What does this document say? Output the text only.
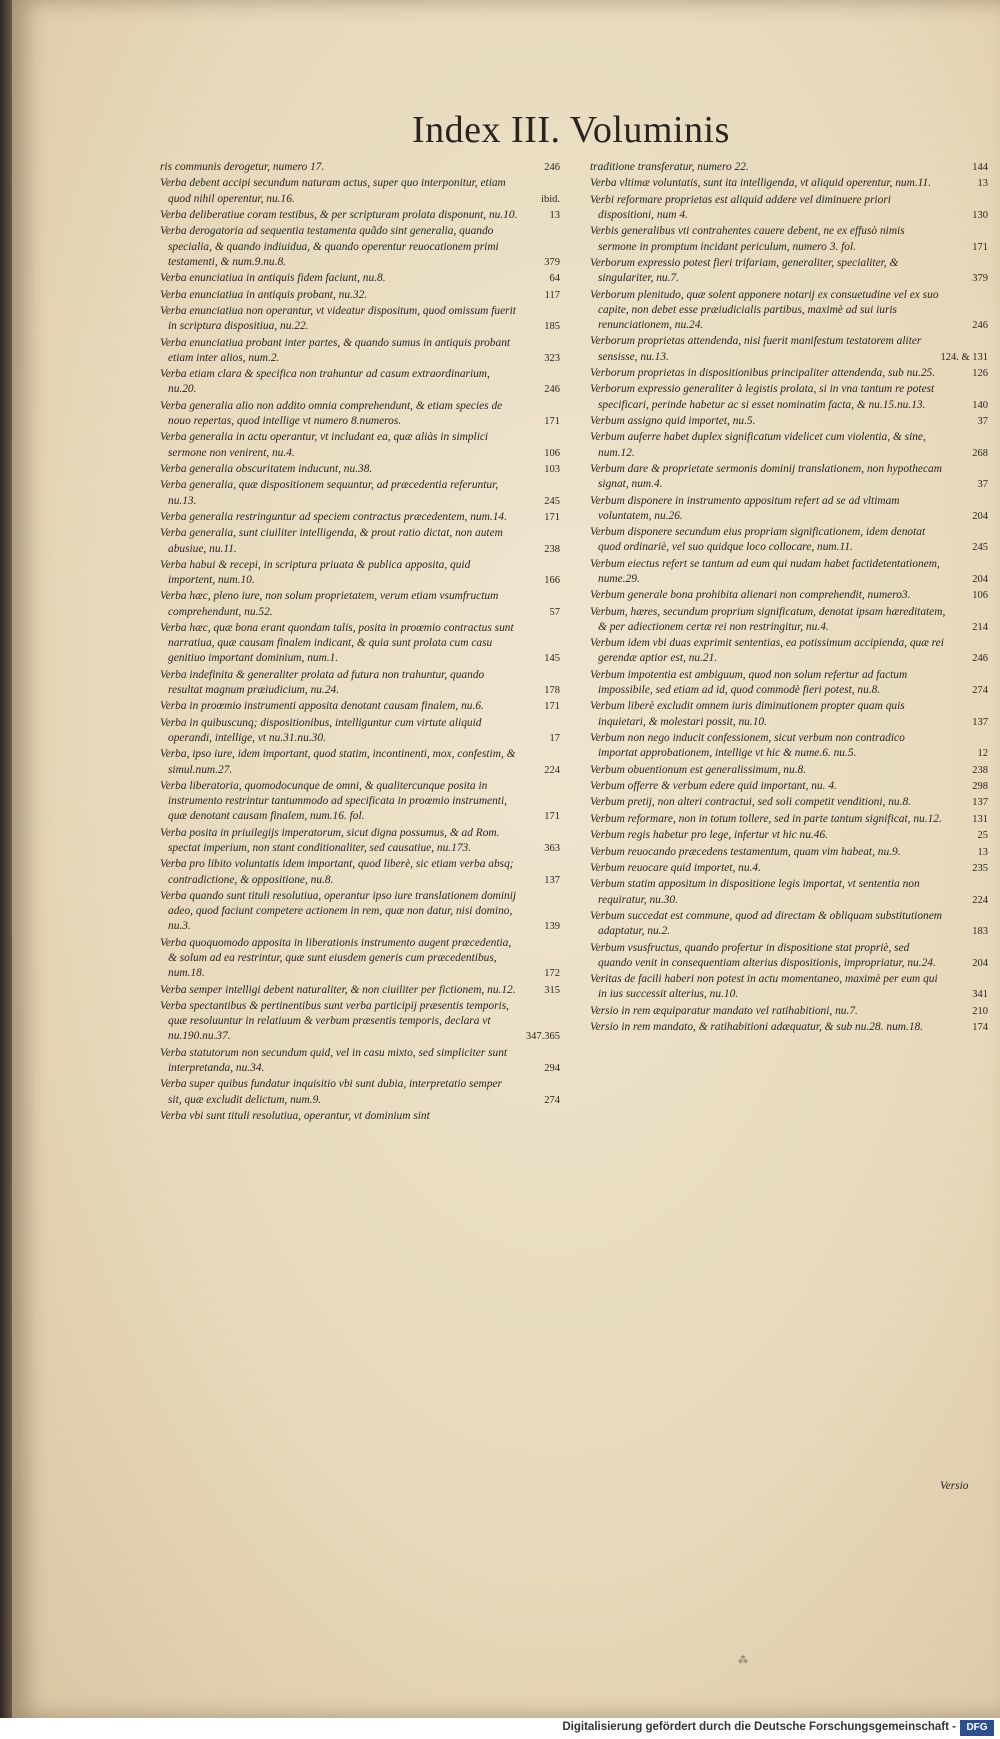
Index III. Voluminis
ris communis derogetur, numero 17.	246
Verba debent accipi secundum naturam actus, super quo interponitur, etiam quod nihil operentur, nu.16.	ibid.
Verba deliberatiue coram testibus, & per scripturam prolata disponunt, nu.10.	13
Verba derogatoria ad sequentia testamenta quãdo sint generalia, quando specialia, & quando indiuidua, & quando operentur reuocationem primi testamenti, & num.9.nu.8.	379
Verba enunciatiua in antiquis fidem faciunt, nu.8.	64
Verba enunciatiua in antiquis probant, nu.32.	117
Verba enunciatiua non operantur, vt videatur dispositum, quod omissum fuerit in scriptura dispositiua, nu.22.	185
Verba enunciatiua probant inter partes, & quando sumus in antiquis probant etiam inter alios, num.2.	323
Verba etiam clara & specifica non trahuntur ad casum extraordinarium, nu.20.	246
Verba generalia alio non addito omnia comprehendunt, & etiam species de nouo repertas, quod intellige vt numero 8.numeros.	171
Verba generalia in actu operantur, vt includant ea, quæ aliàs in simplici sermone non venirent, nu.4.	106
Verba generalia obscuritatem inducunt, nu.38.	103
Verba generalia, quæ dispositionem sequuntur, ad præcedentia referuntur, nu.13.	245
Verba generalia restringuntur ad speciem contractus præcedentem, num.14.	171
Verba generalia, sunt ciuiliter intelligenda, & prout ratio dictat, non autem abusiue, nu.11.	238
Verba habui & recepi, in scriptura priuata & publica apposita, quid importent, num.10.	166
Verba hæc, pleno iure, non solum proprietatem, verum etiam vsumfructum comprehendunt, nu.52.	57
Verba hæc, quæ bona erant quondam talis, posita in proœmio contractus sunt narratiua, quæ causam finalem indicant, & quia sunt prolata cum casu genitiuo important dominium, num.1.	145
Verba indefinita & generaliter prolata ad futura non trahuntur, quando resultat magnum præiudicium, nu.24.	178
Verba in proœmio instrumenti apposita denotant causam finalem, nu.6.	171
Verba in quibuscunq; dispositionibus, intelliguntur cum virtute aliquid operandi, intellige, vt nu.31.nu.30.	17
Verba, ipso iure, idem important, quod statim, incontinenti, mox, confestim, & simul.num.27.	224
Verba liberatoria, quomodocunque de omni, & qualitercunque posita in instrumento restrintur tantummodo ad specificata in proœmio instrumenti, quæ denotant causam finalem, num.16. fol.	171
Verba posita in priuilegijs imperatorum, sicut digna possumus, & ad Rom. spectat imperium, non stant conditionaliter, sed causatiue, nu.173.	363
Verba pro libito voluntatis idem important, quod liberè, sic etiam verba absq; contradictione, & oppositione, nu.8.	137
Verba quando sunt tituli resolutiua, operantur ipso iure translationem dominij adeo, quod faciunt competere actionem in rem, quæ non datur, nisi domino, nu.3.	139
Verba quoquomodo apposita in liberationis instrumento augent præcedentia, & solum ad ea restrintur, quæ sunt eiusdem generis cum præcedentibus, num.18.	172
Verba semper intelligi debent naturaliter, & non ciuiliter per fictionem, nu.12.	315
Verba spectantibus & pertinentibus sunt verba participij præsentis temporis, quæ resoluuntur in relatiuum & verbum præsentis temporis, declara vt nu.190.nu.37.	347.365
Verba statutorum non secundum quid, vel in casu mixto, sed simpliciter sunt interpretanda, nu.34.	294
Verba super quibus fundatur inquisitio vbi sunt dubia, interpretatio semper sit, quæ excludit delictum, num.9.	274
Verba vbi sunt tituli resolutiua, operantur, vt dominium sint
traditione transferatur, numero 22.	144
Verba vltimæ voluntatis, sunt ita intelligenda, vt aliquid operentur, num.11.	13
Verbi reformare proprietas est aliquid addere vel diminuere priori dispositioni, num 4.	130
Verbis generalibus vti contrahentes cauere debent, ne ex effusò nimis sermone in promptum incidant periculum, numero 3. fol.	171
Verborum expressio potest fieri trifariam, generaliter, specialiter, & singulariter, nu.7.	379
Verborum plenitudo, quæ solent apponere notarij ex consuetudine vel ex suo capite, non debet esse præiudicialis partibus, maximè ad sui iuris renunciationem, nu.24.	246
Verborum proprietas attendenda, nisi fuerit manifestum testatorem aliter sensisse, nu.13.	124. & 131
Verborum proprietas in dispositionibus principaliter attendenda, sub nu.25.	126
Verborum expressio generaliter à legistis prolata, si in vna tantum re potest specificari, perinde habetur ac si esset nominatim facta, & nu.15.nu.13.	140
Verbum assigno quid importet, nu.5.	37
Verbum auferre habet duplex significatum videlicet cum violentia, & sine, num.12.	268
Verbum dare & proprietate sermonis dominij translationem, non hypothecam signat, num.4.	37
Verbum disponere in instrumento appositum refert ad se ad vltimam voluntatem, nu.26.	204
Verbum disponere secundum eius propriam significationem, idem denotat quod ordinariè, vel suo quidque loco collocare, num.11.	245
Verbum eiectus refert se tantum ad eum qui nudam habet factidetentationem, nume.29.	204
Verbum generale bona prohibita alienari non comprehendit, numero3.	106
Verbum, hæres, secundum proprium significatum, denotat ipsam hæreditatem, & per adiectionem certæ rei non restringitur, nu.4.	214
Verbum idem vbi duas exprimit sententias, ea potissimum accipienda, quæ rei gerendæ aptior est, nu.21.	246
Verbum impotentia est ambiguum, quod non solum refertur ad factum impossibile, sed etiam ad id, quod commodè fieri potest, nu.8.	274
Verbum liberè excludit omnem iuris diminutionem propter quam quis inquietari, & molestari possit, nu.10.	137
Verbum non nego inducit confessionem, sicut verbum non contradico importat approbationem, intellige vt hic & nume.6. nu.5.	12
Verbum obuentionum est generalissimum, nu.8.	238
Verbum offerre & verbum edere quid important, nu. 4.	298
Verbum pretij, non alteri contractui, sed soli competit venditioni, nu.8.	137
Verbum reformare, non in totum tollere, sed in parte tantum significat, nu.12.	131
Verbum regis habetur pro lege, infertur vt hic nu.46.	25
Verbum reuocando præcedens testamentum, quam vim habeat, nu.9.	13
Verbum reuocare quid importet, nu.4.	235
Verbum statim appositum in dispositione legis importat, vt sententia non requiratur, nu.30.	224
Verbum succedat est commune, quod ad directam & obliquam substitutionem adaptatur, nu.2.	183
Verbum vsusfructus, quando profertur in dispositione stat propriè, sed quando venit in consequentiam alterius dispositionis, impropriatur, nu.24.	204
Veritas de facili haberi non potest in actu momentaneo, maximè per eum qui in ius successit alterius, nu.10.	341
Versio in rem æquiparatur mandato vel ratihabitioni, nu.7.	210
Versio in rem mandato, & ratihabitioni adæquatur, & sub nu.28. num.18.	174
Versio
⁂
Digitalisierung gefördert durch die Deutsche Forschungsgemeinschaft -	DFG
